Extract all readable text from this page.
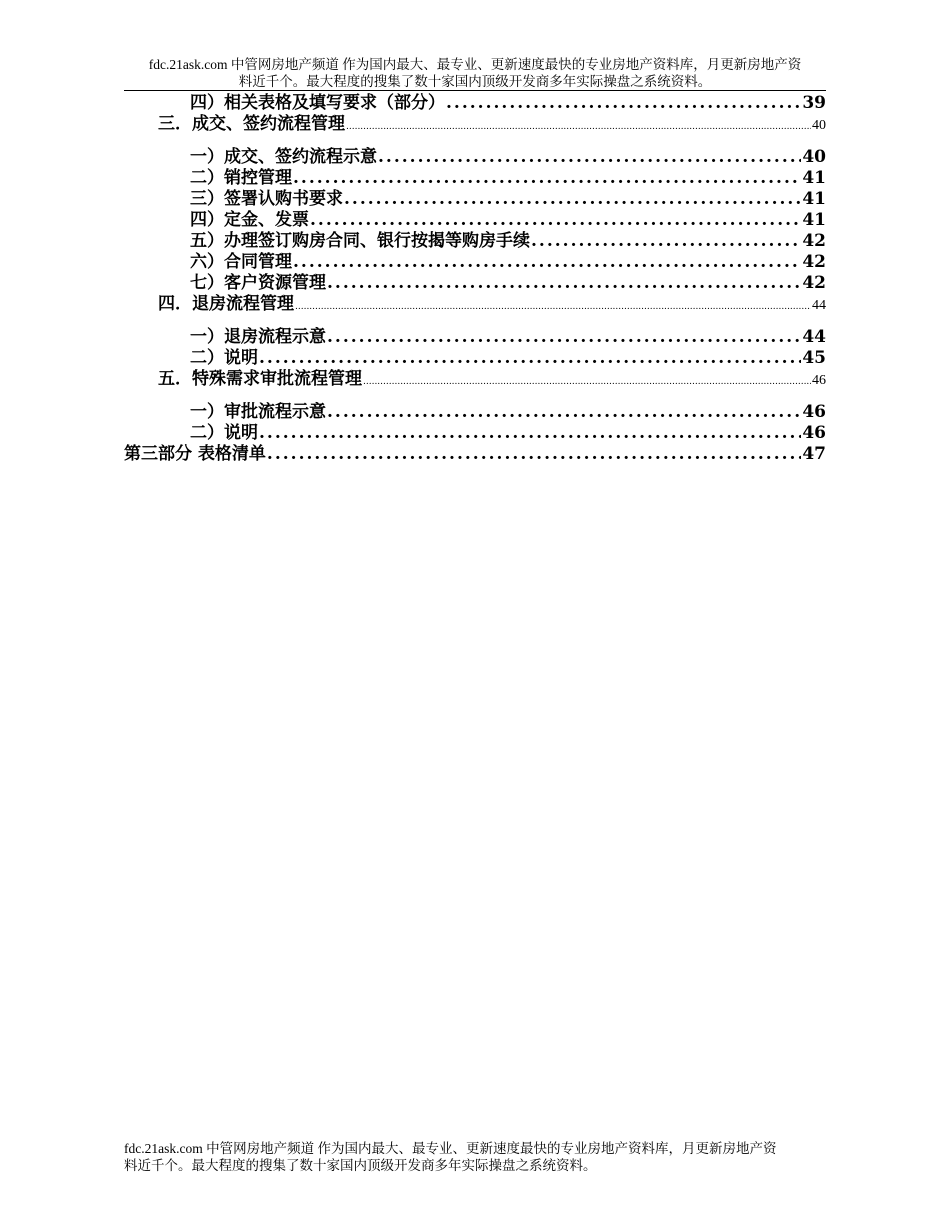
fdc.21ask.com 中管网房地产频道 作为国内最大、最专业、更新速度最快的专业房地产资料库，月更新房地产资
料近千个。最大程度的搜集了数十家国内顶级开发商多年实际操盘之系统资料。
四）相关表格及填写要求（部分） .....	39
三．成交、签约流程管理 .....	40
一）成交、签约流程示意 .....	40
二）销控管理 .....	41
三）签署认购书要求 .....	41
四）定金、发票 .....	41
五）办理签订购房合同、银行按揭等购房手续 .....	42
六）合同管理 .....	42
七）客户资源管理 .....	42
四．退房流程管理 .....	44
一）退房流程示意 .....	44
二）说明 .....	45
五．特殊需求审批流程管理 .....	46
一）审批流程示意 .....	46
二）说明 .....	46
第三部分 表格清单 .....	47
fdc.21ask.com 中管网房地产频道 作为国内最大、最专业、更新速度最快的专业房地产资料库，月更新房地产资
料近千个。最大程度的搜集了数十家国内顶级开发商多年实际操盘之系统资料。
